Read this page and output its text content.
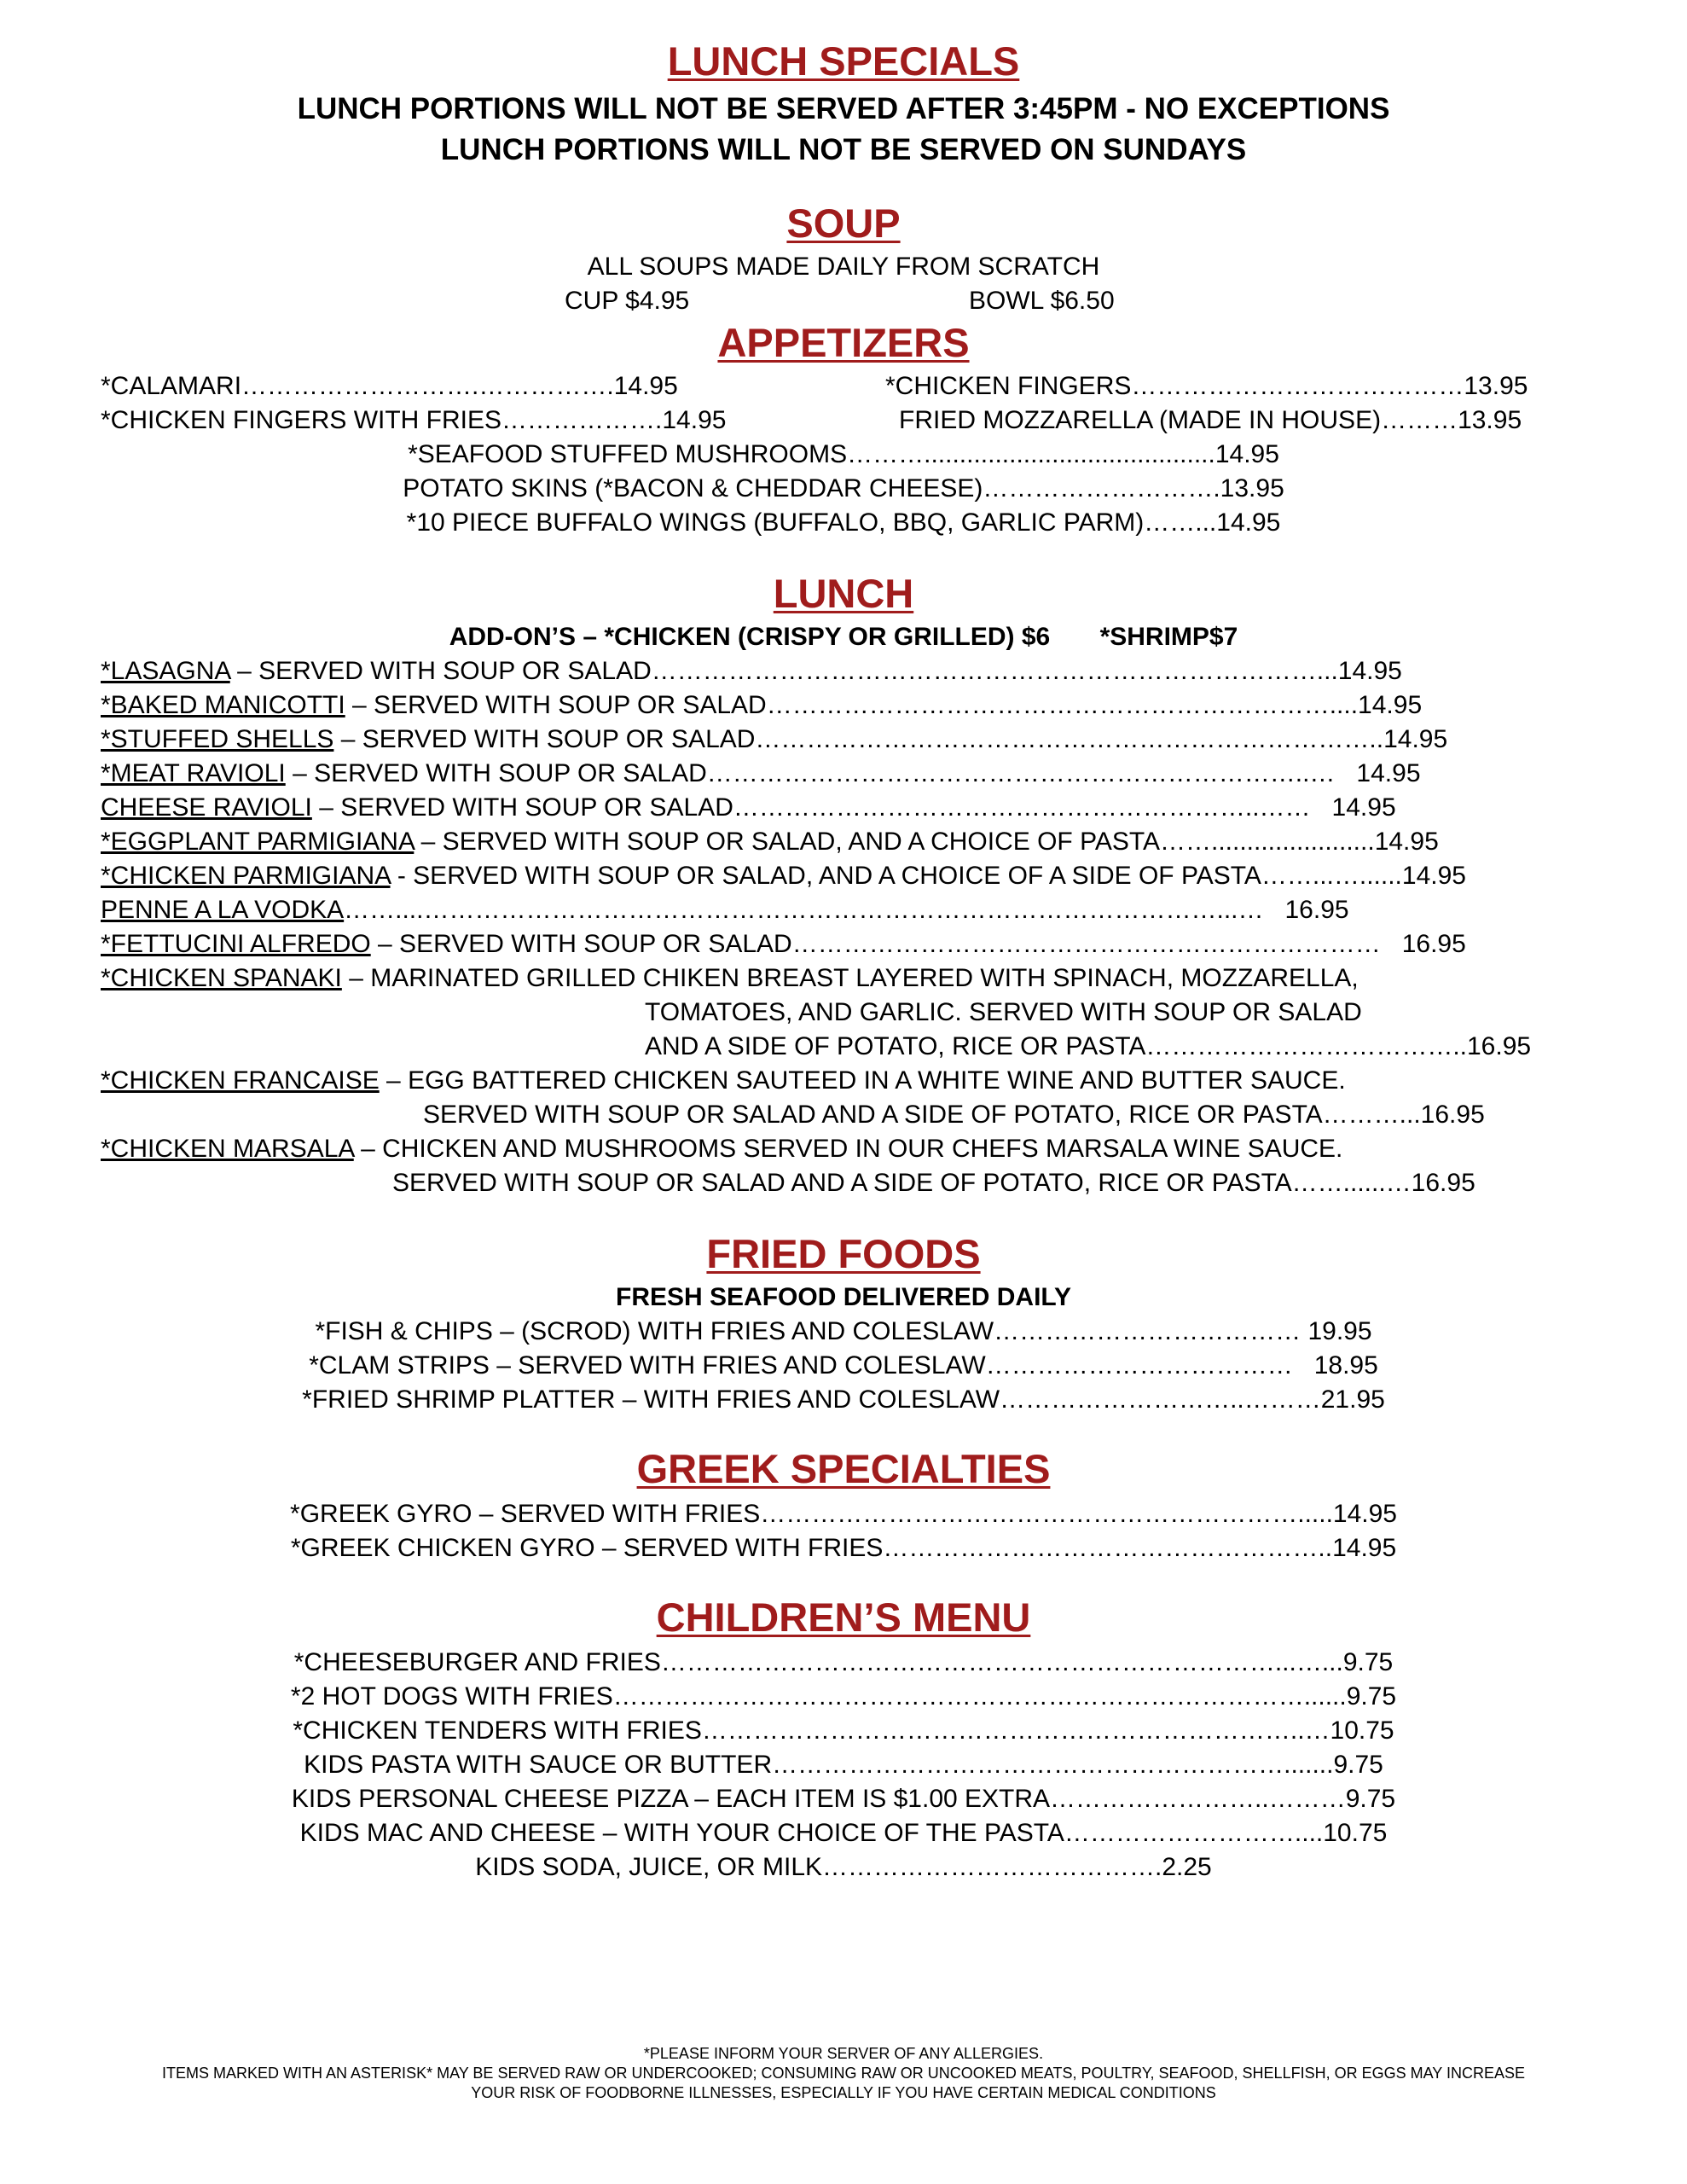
LUNCH SPECIALS
LUNCH PORTIONS WILL NOT BE SERVED AFTER 3:45PM - NO EXCEPTIONS
LUNCH PORTIONS WILL NOT BE SERVED ON SUNDAYS
SOUP
ALL SOUPS MADE DAILY FROM SCRATCH
CUP $4.95	BOWL $6.50
APPETIZERS
*CALAMARI……………………….…………….14.95	*CHICKEN FINGERS…………………………………13.95
*CHICKEN FINGERS WITH FRIES……………….14.95	FRIED MOZZARELLA (MADE IN HOUSE)………13.95
*SEAFOOD STUFFED MUSHROOMS……….........................................14.95
POTATO SKINS (*BACON & CHEDDAR CHEESE)……………………….13.95
*10 PIECE BUFFALO WINGS (BUFFALO, BBQ, GARLIC PARM)……...14.95
LUNCH
ADD-ON’S – *CHICKEN (CRISPY OR GRILLED) $6       *SHRIMP$7
*LASAGNA – SERVED WITH SOUP OR SALAD……………………………………………………………………...14.95
*BAKED MANICOTTI – SERVED WITH SOUP OR SALAD…………………………………………………………....14.95
*STUFFED SHELLS – SERVED WITH SOUP OR SALAD………………………………………………………………..14.95
*MEAT RAVIOLI – SERVED WITH SOUP OR SALAD……………………………………………………………..…   14.95
CHEESE RAVIOLI – SERVED WITH SOUP OR SALAD……………………………………………………..……   14.95
*EGGPLANT PARMIGIANA – SERVED WITH SOUP OR SALAD, AND A CHOICE OF PASTA…….......................14.95
*CHICKEN PARMIGIANA - SERVED WITH SOUP OR SALAD, AND A CHOICE OF A SIDE OF PASTA……...…......14.95
PENNE A LA VODKA……....…………………………………………………………………………………...…   16.95
*FETTUCINI ALFREDO – SERVED WITH SOUP OR SALAD……………………………………………………………   16.95
*CHICKEN SPANAKI – MARINATED GRILLED CHIKEN BREAST LAYERED WITH SPINACH, MOZZARELLA,
TOMATOES, AND GARLIC. SERVED WITH SOUP OR SALAD
AND A SIDE OF POTATO, RICE OR PASTA………………………………..16.95
*CHICKEN FRANCAISE – EGG BATTERED CHICKEN SAUTEED IN A WHITE WINE AND BUTTER SAUCE.
SERVED WITH SOUP OR SALAD AND A SIDE OF POTATO, RICE OR PASTA………...16.95
*CHICKEN MARSALA – CHICKEN AND MUSHROOMS SERVED IN OUR CHEFS MARSALA WINE SAUCE.
SERVED WITH SOUP OR SALAD AND A SIDE OF POTATO, RICE OR PASTA……......…16.95
FRIED FOODS
FRESH SEAFOOD DELIVERED DAILY
*FISH & CHIPS – (SCROD) WITH FRIES AND COLESLAW……………………………… 19.95
*CLAM STRIPS – SERVED WITH FRIES AND COLESLAW………………………………   18.95
*FRIED SHRIMP PLATTER – WITH FRIES AND COLESLAW………………………..………21.95
GREEK SPECIALTIES
*GREEK GYRO – SERVED WITH FRIES……………………………………………………….....14.95
*GREEK CHICKEN GYRO – SERVED WITH FRIES……………………………………………..14.95
CHILDREN’S MENU
*CHEESEBURGER AND FRIES………………………………………………………………...…...9.75
*2 HOT DOGS WITH FRIES………………………………………………………………………......9.75
*CHICKEN TENDERS WITH FRIES……………………………………………………………..…10.75
KIDS PASTA WITH SAUCE OR BUTTER…………………………………………………….......9.75
KIDS PERSONAL CHEESE PIZZA – EACH ITEM IS $1.00 EXTRA……………………..………9.75
KIDS MAC AND CHEESE – WITH YOUR CHOICE OF THE PASTA………………………....10.75
KIDS SODA, JUICE, OR MILK………………………………….2.25
*PLEASE INFORM YOUR SERVER OF ANY ALLERGIES.
ITEMS MARKED WITH AN ASTERISK* MAY BE SERVED RAW OR UNDERCOOKED; CONSUMING RAW OR UNCOOKED MEATS, POULTRY, SEAFOOD, SHELLFISH, OR EGGS MAY INCREASE
YOUR RISK OF FOODBORNE ILLNESSES, ESPECIALLY IF YOU HAVE CERTAIN MEDICAL CONDITIONS
